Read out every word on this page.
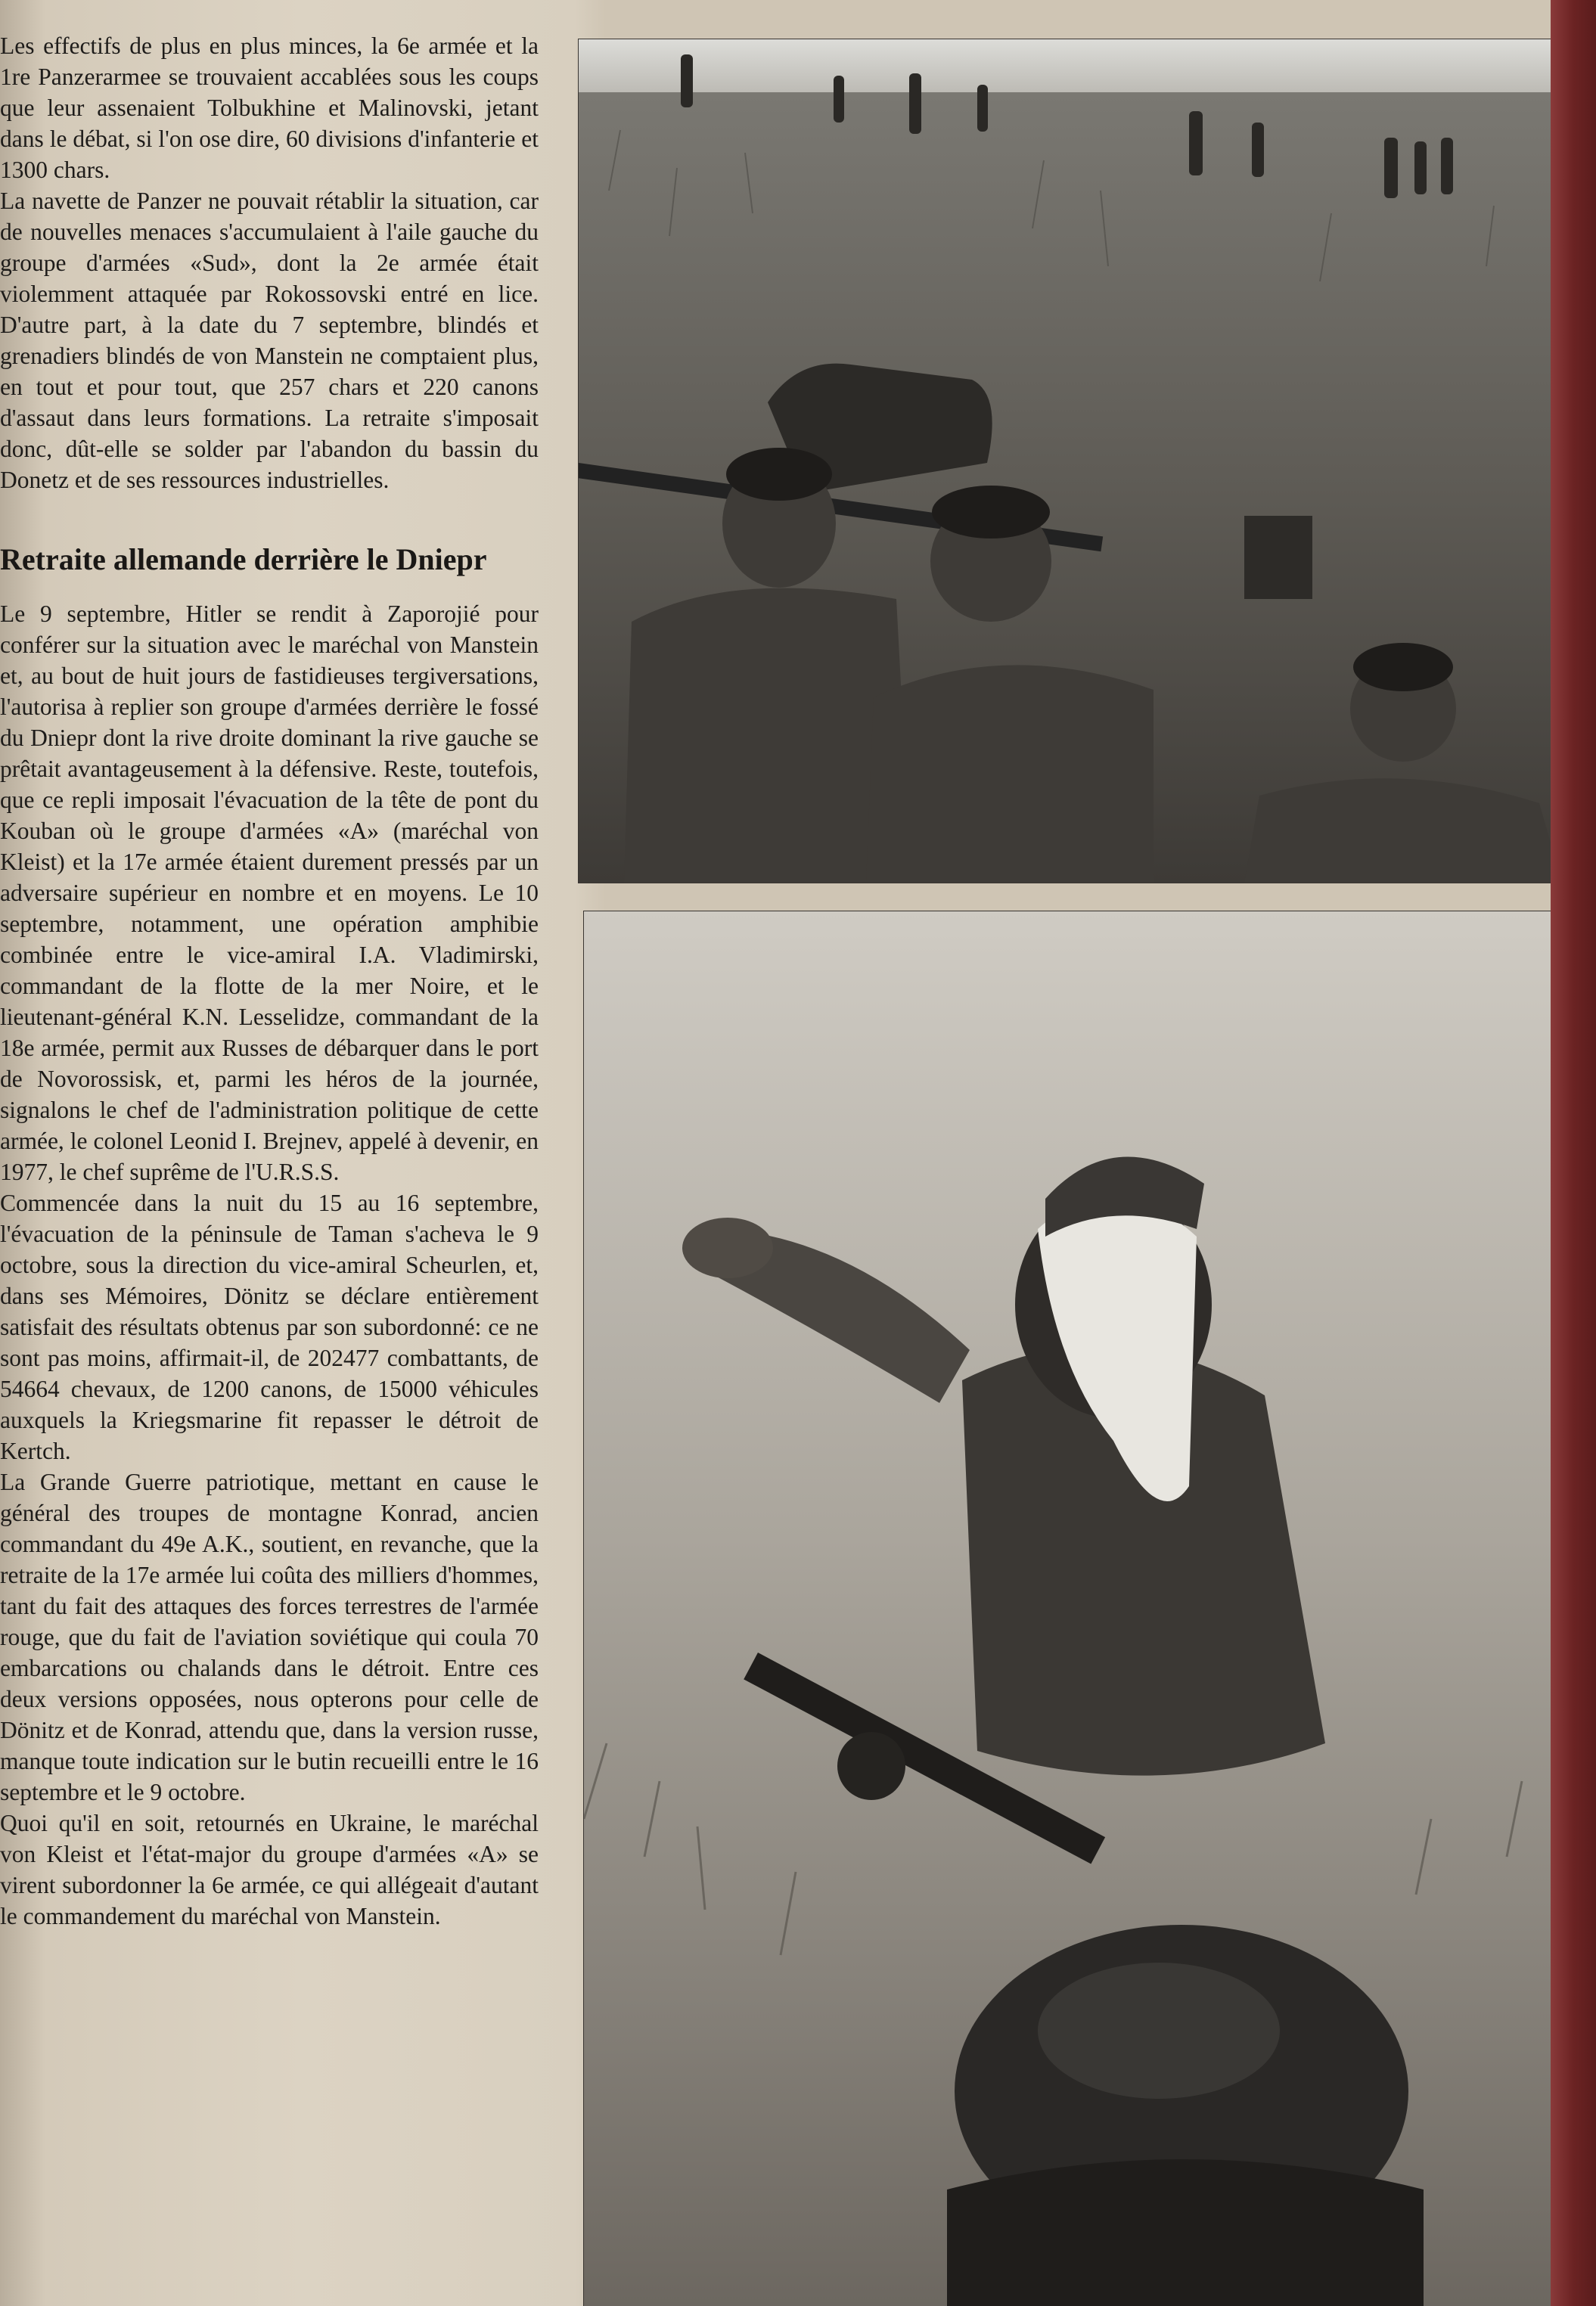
Les effectifs de plus en plus minces, la 6e armée et la 1re Panzerarmee se trouvaient accablées sous les coups que leur assenaient Tolbukhine et Malinovski, jetant dans le débat, si l'on ose dire, 60 divisions d'infanterie et 1300 chars.

La navette de Panzer ne pouvait rétablir la situation, car de nouvelles menaces s'accumulaient à l'aile gauche du groupe d'armées «Sud», dont la 2e armée était violemment attaquée par Rokossovski entré en lice. D'autre part, à la date du 7 septembre, blindés et grenadiers blindés de von Manstein ne comptaient plus, en tout et pour tout, que 257 chars et 220 canons d'assaut dans leurs formations. La retraite s'imposait donc, dût-elle se solder par l'abandon du bassin du Donetz et de ses ressources industrielles.

Retraite allemande derrière le Dniepr

Le 9 septembre, Hitler se rendit à Zaporojié pour conférer sur la situation avec le maréchal von Manstein et, au bout de huit jours de fastidieuses tergiversations, l'autorisa à replier son groupe d'armées derrière le fossé du Dniepr dont la rive droite dominant la rive gauche se prêtait avantageusement à la défensive. Reste, toutefois, que ce repli imposait l'évacuation de la tête de pont du Kouban où le groupe d'armées «A» (maréchal von Kleist) et la 17e armée étaient durement pressés par un adversaire supérieur en nombre et en moyens. Le 10 septembre, notamment, une opération amphibie combinée entre le vice-amiral I.A. Vladimirski, commandant de la flotte de la mer Noire, et le lieutenant-général K.N. Lesselidze, commandant de la 18e armée, permit aux Russes de débarquer dans le port de Novorossisk, et, parmi les héros de la journée, signalons le chef de l'administration politique de cette armée, le colonel Leonid I. Brejnev, appelé à devenir, en 1977, le chef suprême de l'U.R.S.S.

Commencée dans la nuit du 15 au 16 septembre, l'évacuation de la péninsule de Taman s'acheva le 9 octobre, sous la direction du vice-amiral Scheurlen, et, dans ses Mémoires, Dönitz se déclare entièrement satisfait des résultats obtenus par son subordonné: ce ne sont pas moins, affirmait-il, de 202477 combattants, de 54664 chevaux, de 1200 canons, de 15000 véhicules auxquels la Kriegsmarine fit repasser le détroit de Kertch.

La Grande Guerre patriotique, mettant en cause le général des troupes de montagne Konrad, ancien commandant du 49e A.K., soutient, en revanche, que la retraite de la 17e armée lui coûta des milliers d'hommes, tant du fait des attaques des forces terrestres de l'armée rouge, que du fait de l'aviation soviétique qui coula 70 embarcations ou chalands dans le détroit. Entre ces deux versions opposées, nous opterons pour celle de Dönitz et de Konrad, attendu que, dans la version russe, manque toute indication sur le butin recueilli entre le 16 septembre et le 9 octobre.

Quoi qu'il en soit, retournés en Ukraine, le maréchal von Kleist et l'état-major du groupe d'armées «A» se virent subordonner la 6e armée, ce qui allégeait d'autant le commandement du maréchal von Manstein.
